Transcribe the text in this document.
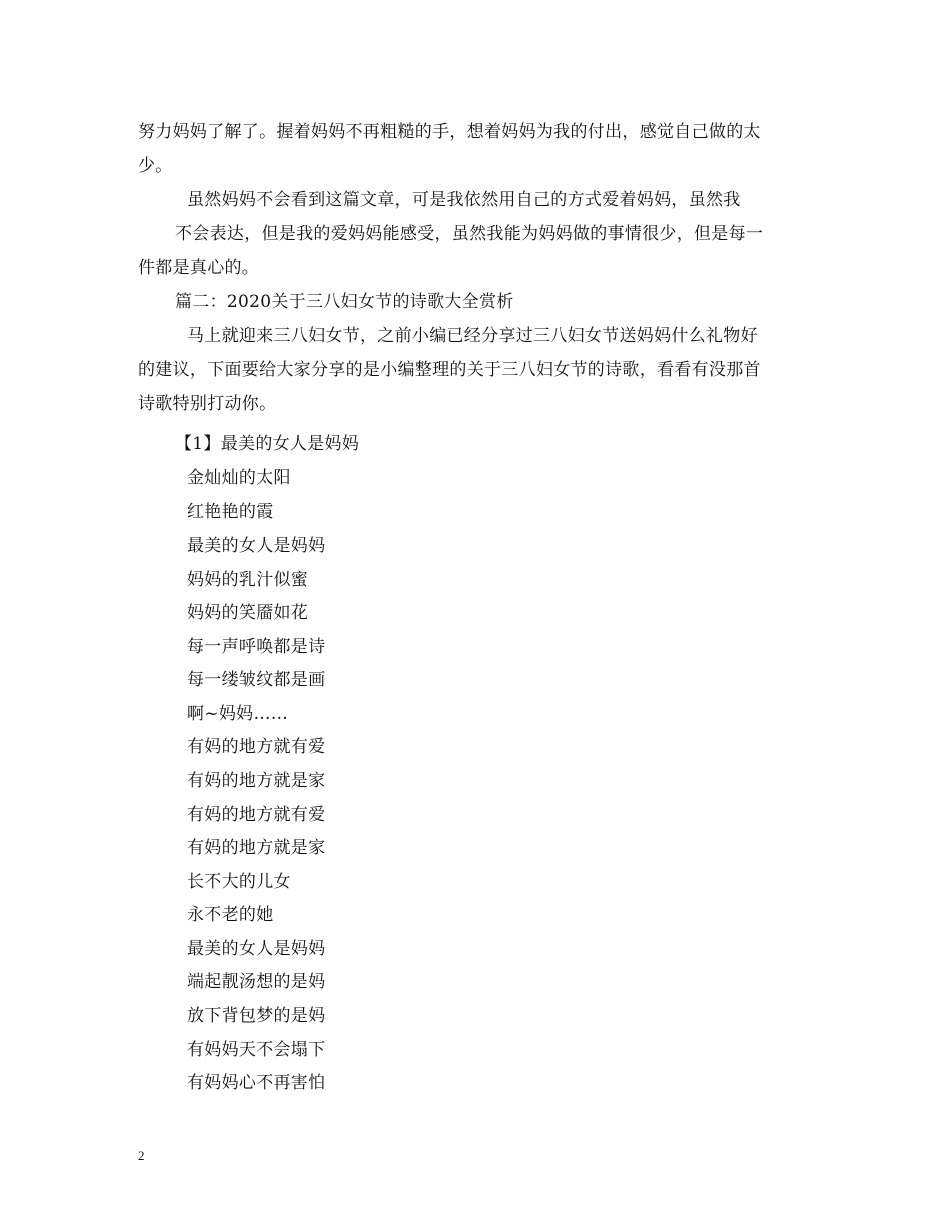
努力妈妈了解了。握着妈妈不再粗糙的手，想着妈妈为我的付出，感觉自己做的太
少。
虽然妈妈不会看到这篇文章，可是我依然用自己的方式爱着妈妈，虽然我
不会表达，但是我的爱妈妈能感受，虽然我能为妈妈做的事情很少，但是每一
件都是真心的。
篇二：2020关于三八妇女节的诗歌大全赏析
马上就迎来三八妇女节，之前小编已经分享过三八妇女节送妈妈什么礼物好
的建议，下面要给大家分享的是小编整理的关于三八妇女节的诗歌，看看有没那首
诗歌特别打动你。
【1】最美的女人是妈妈
金灿灿的太阳
红艳艳的霞
最美的女人是妈妈
妈妈的乳汁似蜜
妈妈的笑靥如花
每一声呼唤都是诗
每一缕皱纹都是画
啊~妈妈……
有妈的地方就有爱
有妈的地方就是家
有妈的地方就有爱
有妈的地方就是家
长不大的儿女
永不老的她
最美的女人是妈妈
端起靓汤想的是妈
放下背包梦的是妈
有妈妈天不会塌下
有妈妈心不再害怕
2
